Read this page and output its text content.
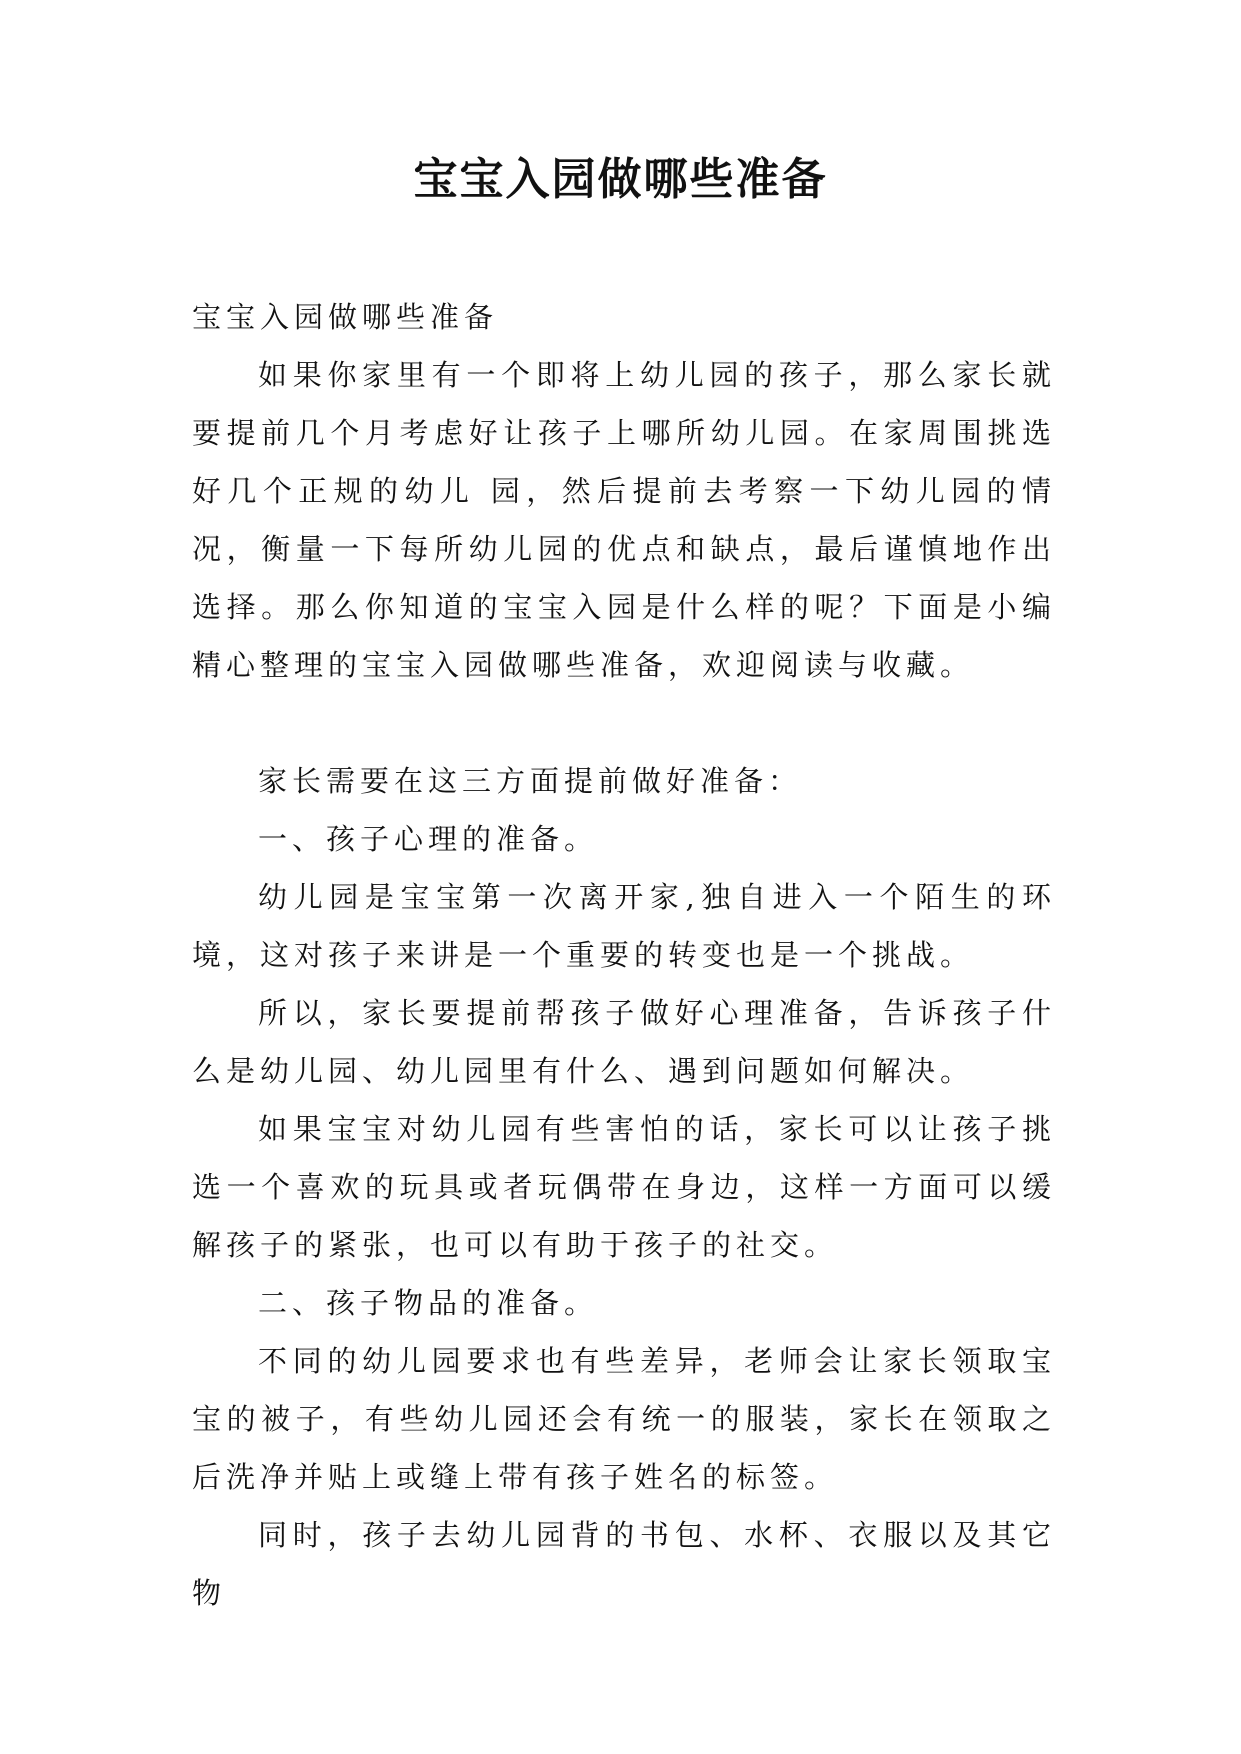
宝宝入园做哪些准备

宝宝入园做哪些准备

如果你家里有一个即将上幼儿园的孩子，那么家长就要提前几个月考虑好让孩子上哪所幼儿园。在家周围挑选好几个正规的幼儿 园，然后提前去考察一下幼儿园的情况，衡量一下每所幼儿园的优点和缺点，最后谨慎地作出选择。那么你知道的宝宝入园是什么样的呢？下面是小编精心整理的宝宝入园做哪些准备，欢迎阅读与收藏。

家长需要在这三方面提前做好准备：

一、孩子心理的准备。

幼儿园是宝宝第一次离开家,独自进入一个陌生的环境，这对孩子来讲是一个重要的转变也是一个挑战。

所以，家长要提前帮孩子做好心理准备，告诉孩子什么是幼儿园、幼儿园里有什么、遇到问题如何解决。

如果宝宝对幼儿园有些害怕的话，家长可以让孩子挑选一个喜欢的玩具或者玩偶带在身边，这样一方面可以缓解孩子的紧张，也可以有助于孩子的社交。

二、孩子物品的准备。

不同的幼儿园要求也有些差异，老师会让家长领取宝宝的被子，有些幼儿园还会有统一的服装，家长在领取之后洗净并贴上或缝上带有孩子姓名的标签。

同时，孩子去幼儿园背的书包、水杯、衣服以及其它物
